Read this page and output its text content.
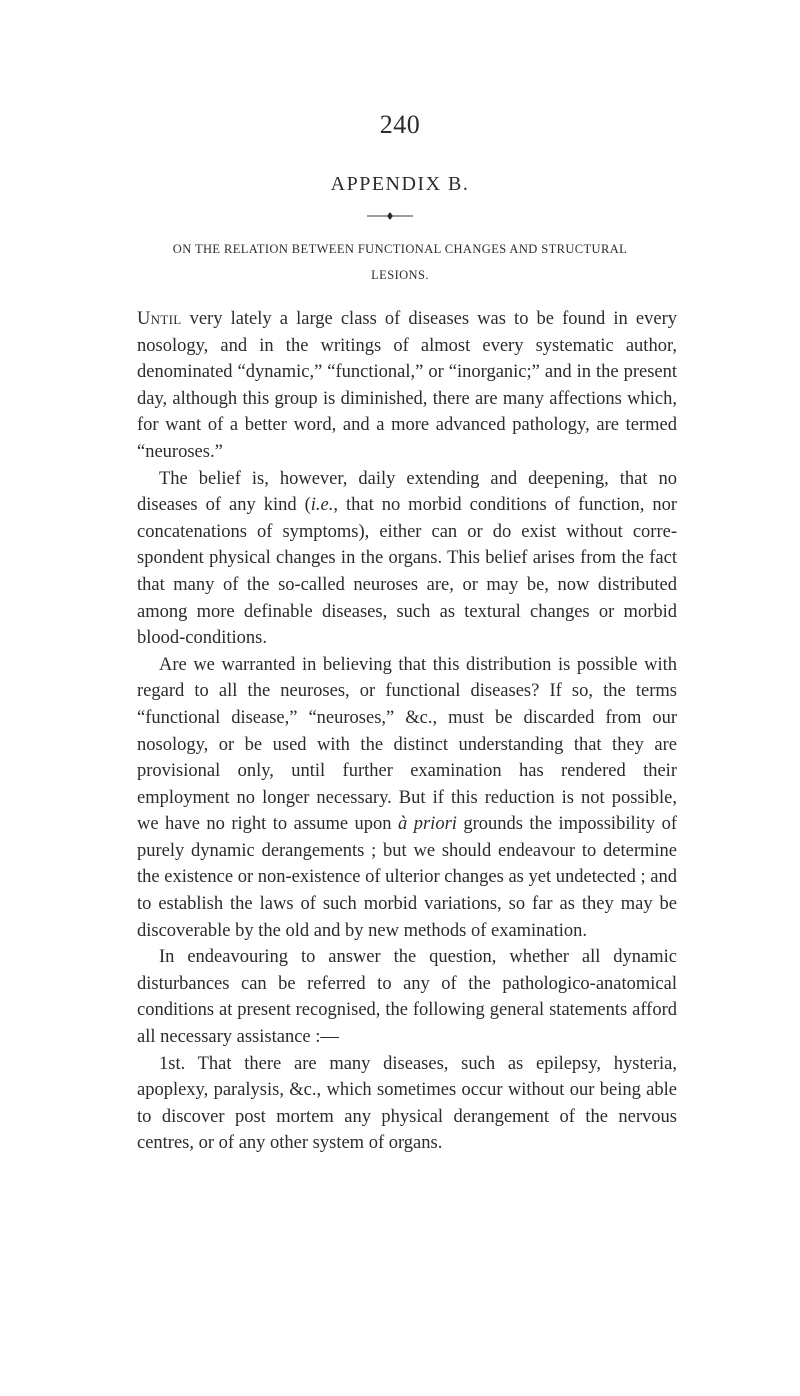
240
APPENDIX B.
ON THE RELATION BETWEEN FUNCTIONAL CHANGES AND STRUCTURAL LESIONS.

Until very lately a large class of diseases was to be found in every nosology, and in the writings of almost every systematic author, denominated “dynamic,” “functional,” or “inorganic;” and in the present day, although this group is diminished, there are many affections which, for want of a better word, and a more advanced pathology, are termed “neuroses.”

The belief is, however, daily extending and deepening, that no diseases of any kind (i.e., that no morbid conditions of function, nor concatenations of symptoms), either can or do exist without correspondent physical changes in the organs. This belief arises from the fact that many of the so-called neuroses are, or may be, now distributed among more definable diseases, such as textural changes or morbid blood-conditions.

Are we warranted in believing that this distribution is possible with regard to all the neuroses, or functional diseases? If so, the terms “functional disease,” “neuroses,” &c., must be discarded from our nosology, or be used with the distinct understanding that they are provisional only, until further examination has rendered their employment no longer necessary. But if this reduction is not possible, we have no right to assume upon à priori grounds the impossibility of purely dynamic derangements ; but we should endeavour to determine the existence or non-existence of ulterior changes as yet undetected ; and to establish the laws of such morbid variations, so far as they may be discoverable by the old and by new methods of examination.

In endeavouring to answer the question, whether all dynamic disturbances can be referred to any of the pathologico-anatomical conditions at present recognised, the following general statements afford all necessary assistance :—

1st. That there are many diseases, such as epilepsy, hysteria, apoplexy, paralysis, &c., which sometimes occur without our being able to discover post mortem any physical derangement of the nervous centres, or of any other system of organs.
